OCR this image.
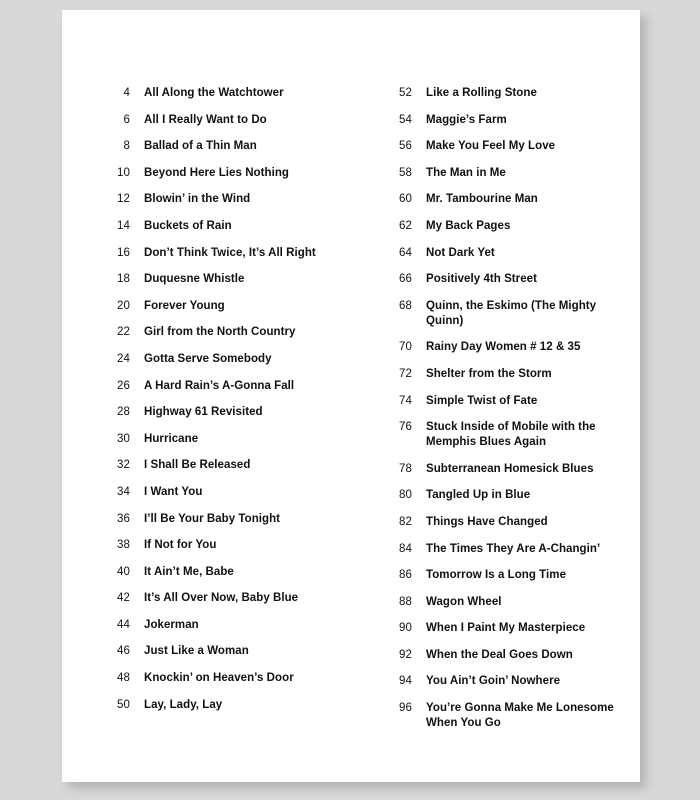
4 All Along the Watchtower
6 All I Really Want to Do
8 Ballad of a Thin Man
10 Beyond Here Lies Nothing
12 Blowin’ in the Wind
14 Buckets of Rain
16 Don’t Think Twice, It’s All Right
18 Duquesne Whistle
20 Forever Young
22 Girl from the North Country
24 Gotta Serve Somebody
26 A Hard Rain’s A-Gonna Fall
28 Highway 61 Revisited
30 Hurricane
32 I Shall Be Released
34 I Want You
36 I’ll Be Your Baby Tonight
38 If Not for You
40 It Ain’t Me, Babe
42 It’s All Over Now, Baby Blue
44 Jokerman
46 Just Like a Woman
48 Knockin’ on Heaven’s Door
50 Lay, Lady, Lay
52 Like a Rolling Stone
54 Maggie’s Farm
56 Make You Feel My Love
58 The Man in Me
60 Mr. Tambourine Man
62 My Back Pages
64 Not Dark Yet
66 Positively 4th Street
68 Quinn, the Eskimo (The Mighty Quinn)
70 Rainy Day Women # 12 & 35
72 Shelter from the Storm
74 Simple Twist of Fate
76 Stuck Inside of Mobile with the Memphis Blues Again
78 Subterranean Homesick Blues
80 Tangled Up in Blue
82 Things Have Changed
84 The Times They Are A-Changin’
86 Tomorrow Is a Long Time
88 Wagon Wheel
90 When I Paint My Masterpiece
92 When the Deal Goes Down
94 You Ain’t Goin’ Nowhere
96 You’re Gonna Make Me Lonesome When You Go
